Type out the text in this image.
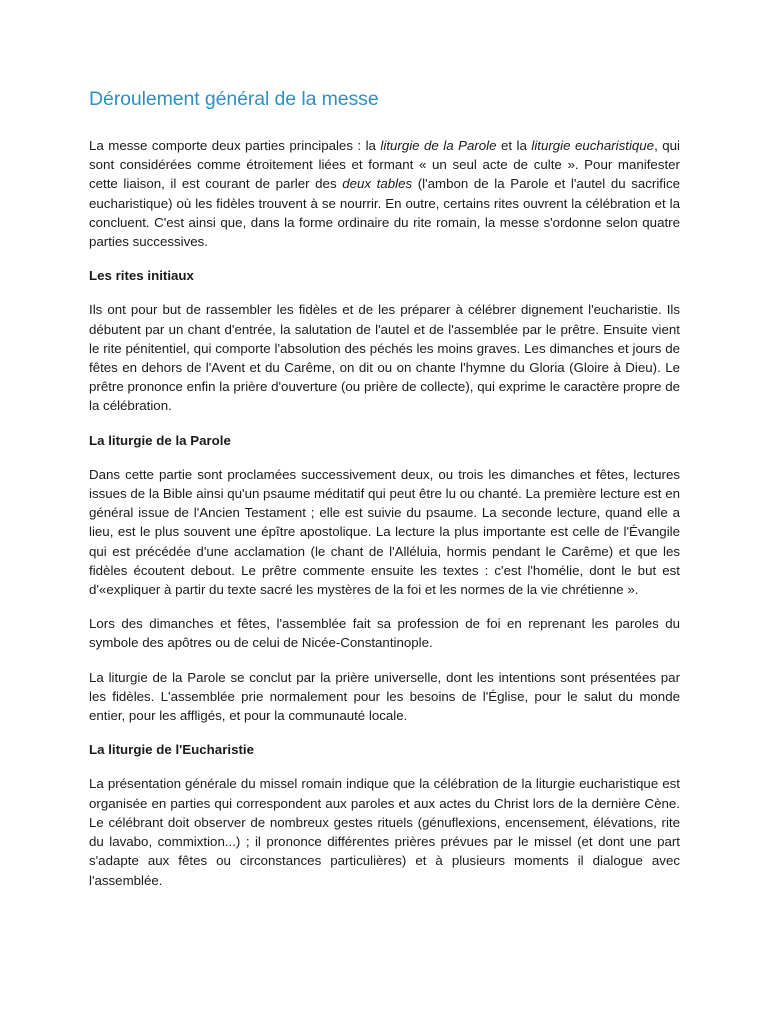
Déroulement général de la messe

La messe comporte deux parties principales : la liturgie de la Parole et la liturgie eucharistique, qui sont considérées comme étroitement liées et formant « un seul acte de culte ». Pour manifester cette liaison, il est courant de parler des deux tables (l'ambon de la Parole et l'autel du sacrifice eucharistique) où les fidèles trouvent à se nourrir. En outre, certains rites ouvrent la célébration et la concluent. C'est ainsi que, dans la forme ordinaire du rite romain, la messe s'ordonne selon quatre parties successives.

Les rites initiaux

Ils ont pour but de rassembler les fidèles et de les préparer à célébrer dignement l'eucharistie. Ils débutent par un chant d'entrée, la salutation de l'autel et de l'assemblée par le prêtre. Ensuite vient le rite pénitentiel, qui comporte l'absolution des péchés les moins graves. Les dimanches et jours de fêtes en dehors de l'Avent et du Carême, on dit ou on chante l'hymne du Gloria (Gloire à Dieu). Le prêtre prononce enfin la prière d'ouverture (ou prière de collecte), qui exprime le caractère propre de la célébration.

La liturgie de la Parole

Dans cette partie sont proclamées successivement deux, ou trois les dimanches et fêtes, lectures issues de la Bible ainsi qu'un psaume méditatif qui peut être lu ou chanté. La première lecture est en général issue de l'Ancien Testament ; elle est suivie du psaume. La seconde lecture, quand elle a lieu, est le plus souvent une épître apostolique. La lecture la plus importante est celle de l'Évangile qui est précédée d'une acclamation (le chant de l'Alléluia, hormis pendant le Carême) et que les fidèles écoutent debout. Le prêtre commente ensuite les textes : c'est l'homélie, dont le but est d'«expliquer à partir du texte sacré les mystères de la foi et les normes de la vie chrétienne ».

Lors des dimanches et fêtes, l'assemblée fait sa profession de foi en reprenant les paroles du symbole des apôtres ou de celui de Nicée-Constantinople.

La liturgie de la Parole se conclut par la prière universelle, dont les intentions sont présentées par les fidèles. L'assemblée prie normalement pour les besoins de l'Église, pour le salut du monde entier, pour les affligés, et pour la communauté locale.

La liturgie de l'Eucharistie

La présentation générale du missel romain indique que la célébration de la liturgie eucharistique est organisée en parties qui correspondent aux paroles et aux actes du Christ lors de la dernière Cène. Le célébrant doit observer de nombreux gestes rituels (génuflexions, encensement, élévations, rite du lavabo, commixtion...) ; il prononce différentes prières prévues par le missel (et dont une part s'adapte aux fêtes ou circonstances particulières) et à plusieurs moments il dialogue avec l'assemblée.
